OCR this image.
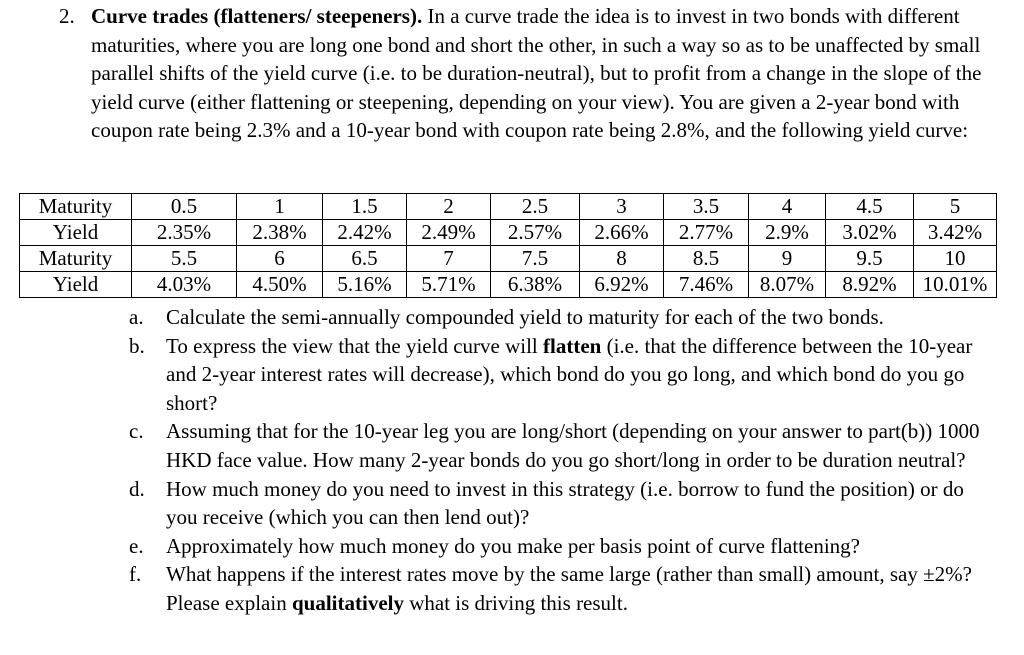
2. Curve trades (flatteners/ steepeners). In a curve trade the idea is to invest in two bonds with different maturities, where you are long one bond and short the other, in such a way so as to be unaffected by small parallel shifts of the yield curve (i.e. to be duration-neutral), but to profit from a change in the slope of the yield curve (either flattening or steepening, depending on your view). You are given a 2-year bond with coupon rate being 2.3% and a 10-year bond with coupon rate being 2.8%, and the following yield curve:
Maturity	0.5	1	1.5	2	2.5	3	3.5	4	4.5	5
Yield	2.35%	2.38%	2.42%	2.49%	2.57%	2.66%	2.77%	2.9%	3.02%	3.42%
Maturity	5.5	6	6.5	7	7.5	8	8.5	9	9.5	10
Yield	4.03%	4.50%	5.16%	5.71%	6.38%	6.92%	7.46%	8.07%	8.92%	10.01%
a. Calculate the semi-annually compounded yield to maturity for each of the two bonds.
b. To express the view that the yield curve will flatten (i.e. that the difference between the 10-year and 2-year interest rates will decrease), which bond do you go long, and which bond do you go short?
c. Assuming that for the 10-year leg you are long/short (depending on your answer to part(b)) 1000 HKD face value. How many 2-year bonds do you go short/long in order to be duration neutral?
d. How much money do you need to invest in this strategy (i.e. borrow to fund the position) or do you receive (which you can then lend out)?
e. Approximately how much money do you make per basis point of curve flattening?
f. What happens if the interest rates move by the same large (rather than small) amount, say ±2%? Please explain qualitatively what is driving this result.
